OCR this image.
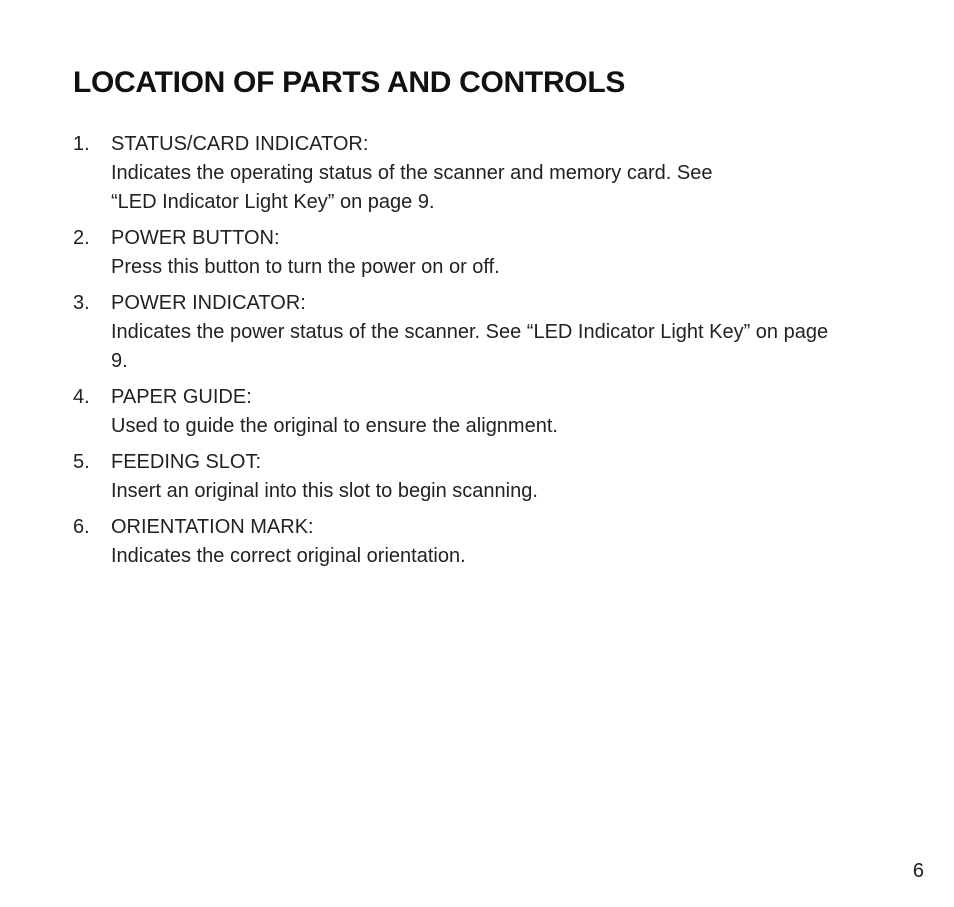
LOCATION OF PARTS AND CONTROLS
1.	STATUS/CARD INDICATOR:
Indicates the operating status of the scanner and memory card. See “LED Indicator Light Key” on page 9.
2.	POWER BUTTON:
Press this button to turn the power on or off.
3.	POWER INDICATOR:
Indicates the power status of the scanner. See “LED Indicator Light Key” on page 9.
4.	PAPER GUIDE:
Used to guide the original to ensure the alignment.
5.	FEEDING SLOT:
Insert an original into this slot to begin scanning.
6.	ORIENTATION MARK:
Indicates the correct original orientation.
6
